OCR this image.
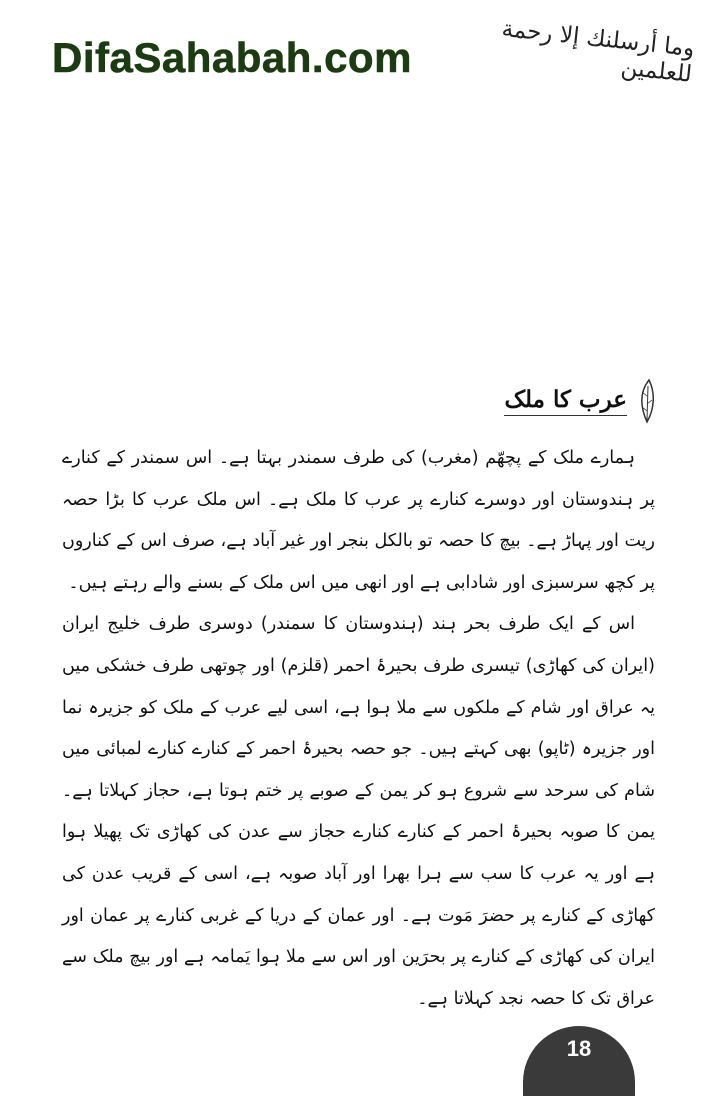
DifaSahabah.com	وما أرسلنك إلا رحمة للعلمين
عرب کا ملک

ہمارے ملک کے پچھّم (مغرب) کی طرف سمندر بہتا ہے۔ اس سمندر کے کنارے پر ہندوستان اور دوسرے کنارے پر عرب کا ملک ہے۔ اس ملک عرب کا بڑا حصہ ریت اور پہاڑ ہے۔ بیچ کا حصہ تو بالکل بنجر اور غیر آباد ہے، صرف اس کے کناروں پر کچھ سرسبزی اور شادابی ہے اور انھی میں اس ملک کے بسنے والے رہتے ہیں۔

اس کے ایک طرف بحر ہند (ہندوستان کا سمندر) دوسری طرف خلیج ایران (ایران کی کھاڑی) تیسری طرف بحیرۂ احمر (قلزم) اور چوتھی طرف خشکی میں یہ عراق اور شام کے ملکوں سے ملا ہوا ہے، اسی لیے عرب کے ملک کو جزیرہ نما اور جزیرہ (ٹاپو) بھی کہتے ہیں۔ جو حصہ بحیرۂ احمر کے کنارے کنارے لمبائی میں شام کی سرحد سے شروع ہو کر یمن کے صوبے پر ختم ہوتا ہے، حجاز کہلاتا ہے۔ یمن کا صوبہ بحیرۂ احمر کے کنارے کنارے حجاز سے عدن کی کھاڑی تک پھیلا ہوا ہے اور یہ عرب کا سب سے ہرا بھرا اور آباد صوبہ ہے، اسی کے قریب عدن کی کھاڑی کے کنارے پر حضرَ مَوت ہے۔ اور عمان کے دریا کے غربی کنارے پر عمان اور ایران کی کھاڑی کے کنارے پر بحرَین اور اس سے ملا ہوا یَمامہ ہے اور بیچ ملک سے عراق تک کا حصہ نجد کہلاتا ہے۔

18
